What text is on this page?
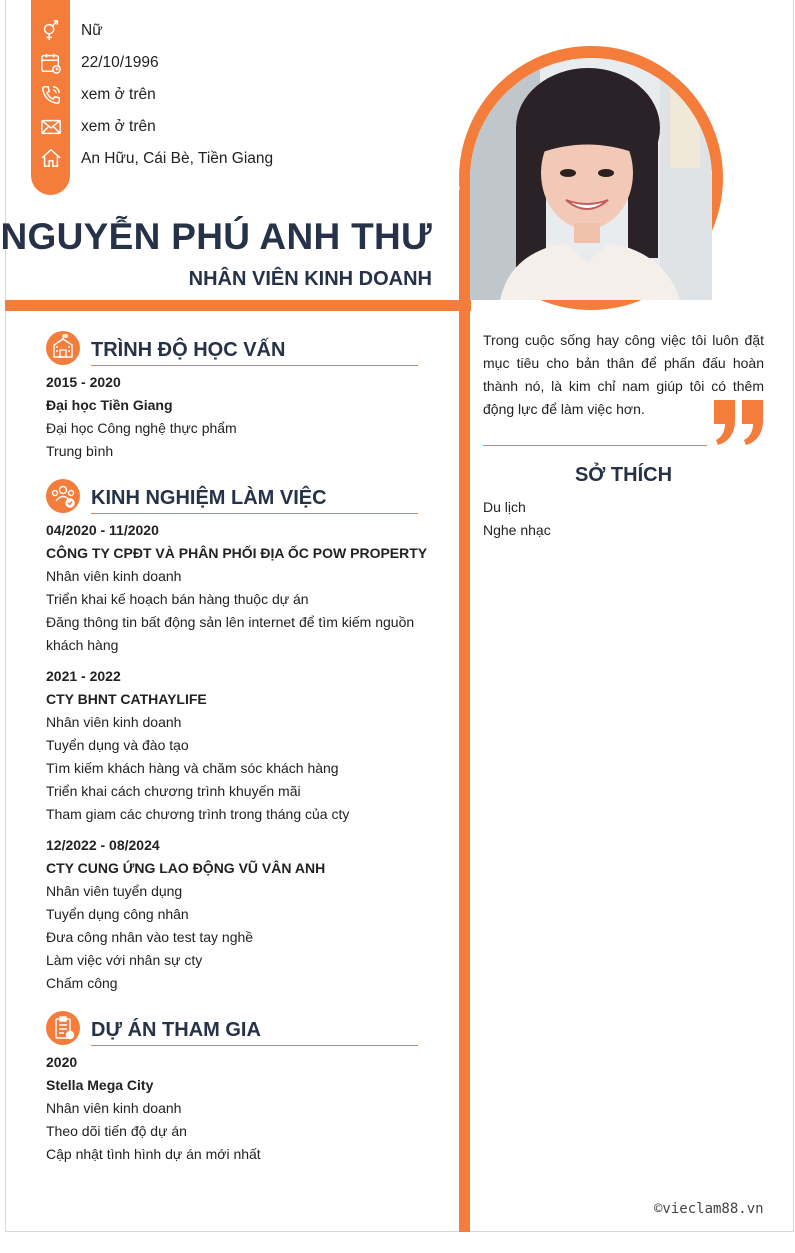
Nữ
22/10/1996
xem ở trên
xem ở trên
An Hữu, Cái Bè, Tiền Giang
NGUYỄN PHÚ ANH THƯ
NHÂN VIÊN KINH DOANH
TRÌNH ĐỘ HỌC VẤN
2015 - 2020
Đại học Tiền Giang
Đại học Công nghệ thực phẩm
Trung bình
KINH NGHIỆM LÀM VIỆC
04/2020 - 11/2020
CÔNG TY CPĐT VÀ PHÂN PHỐI ĐỊA ỐC POW PROPERTY
Nhân viên kinh doanh
Triển khai kế hoạch bán hàng thuộc dự án
Đăng thông tin bất động sản lên internet để tìm kiếm nguồn
khách hàng
2021 - 2022
CTY BHNT CATHAYLIFE
Nhân viên kinh doanh
Tuyển dụng và đào tạo
Tìm kiếm khách hàng và chăm sóc khách hàng
Triển khai cách chương trình khuyến mãi
Tham giam các chương trình trong tháng của cty
12/2022 - 08/2024
CTY CUNG ỨNG LAO ĐỘNG VŨ VÂN ANH
Nhân viên tuyển dụng
Tuyển dụng công nhân
Đưa công nhân vào test tay nghề
Làm việc với nhân sự cty
Chấm công
DỰ ÁN THAM GIA
2020
Stella Mega City
Nhân viên kinh doanh
Theo dõi tiến độ dự án
Cập nhật tình hình dự án mới nhất
Trong cuộc sống hay công việc tôi luôn đặt mục tiêu cho bản thân để phấn đấu hoàn thành nó, là kim chỉ nam giúp tôi có thêm động lực để làm việc hơn.
SỞ THÍCH
Du lịch
Nghe nhạc
©vieclam88.vn
